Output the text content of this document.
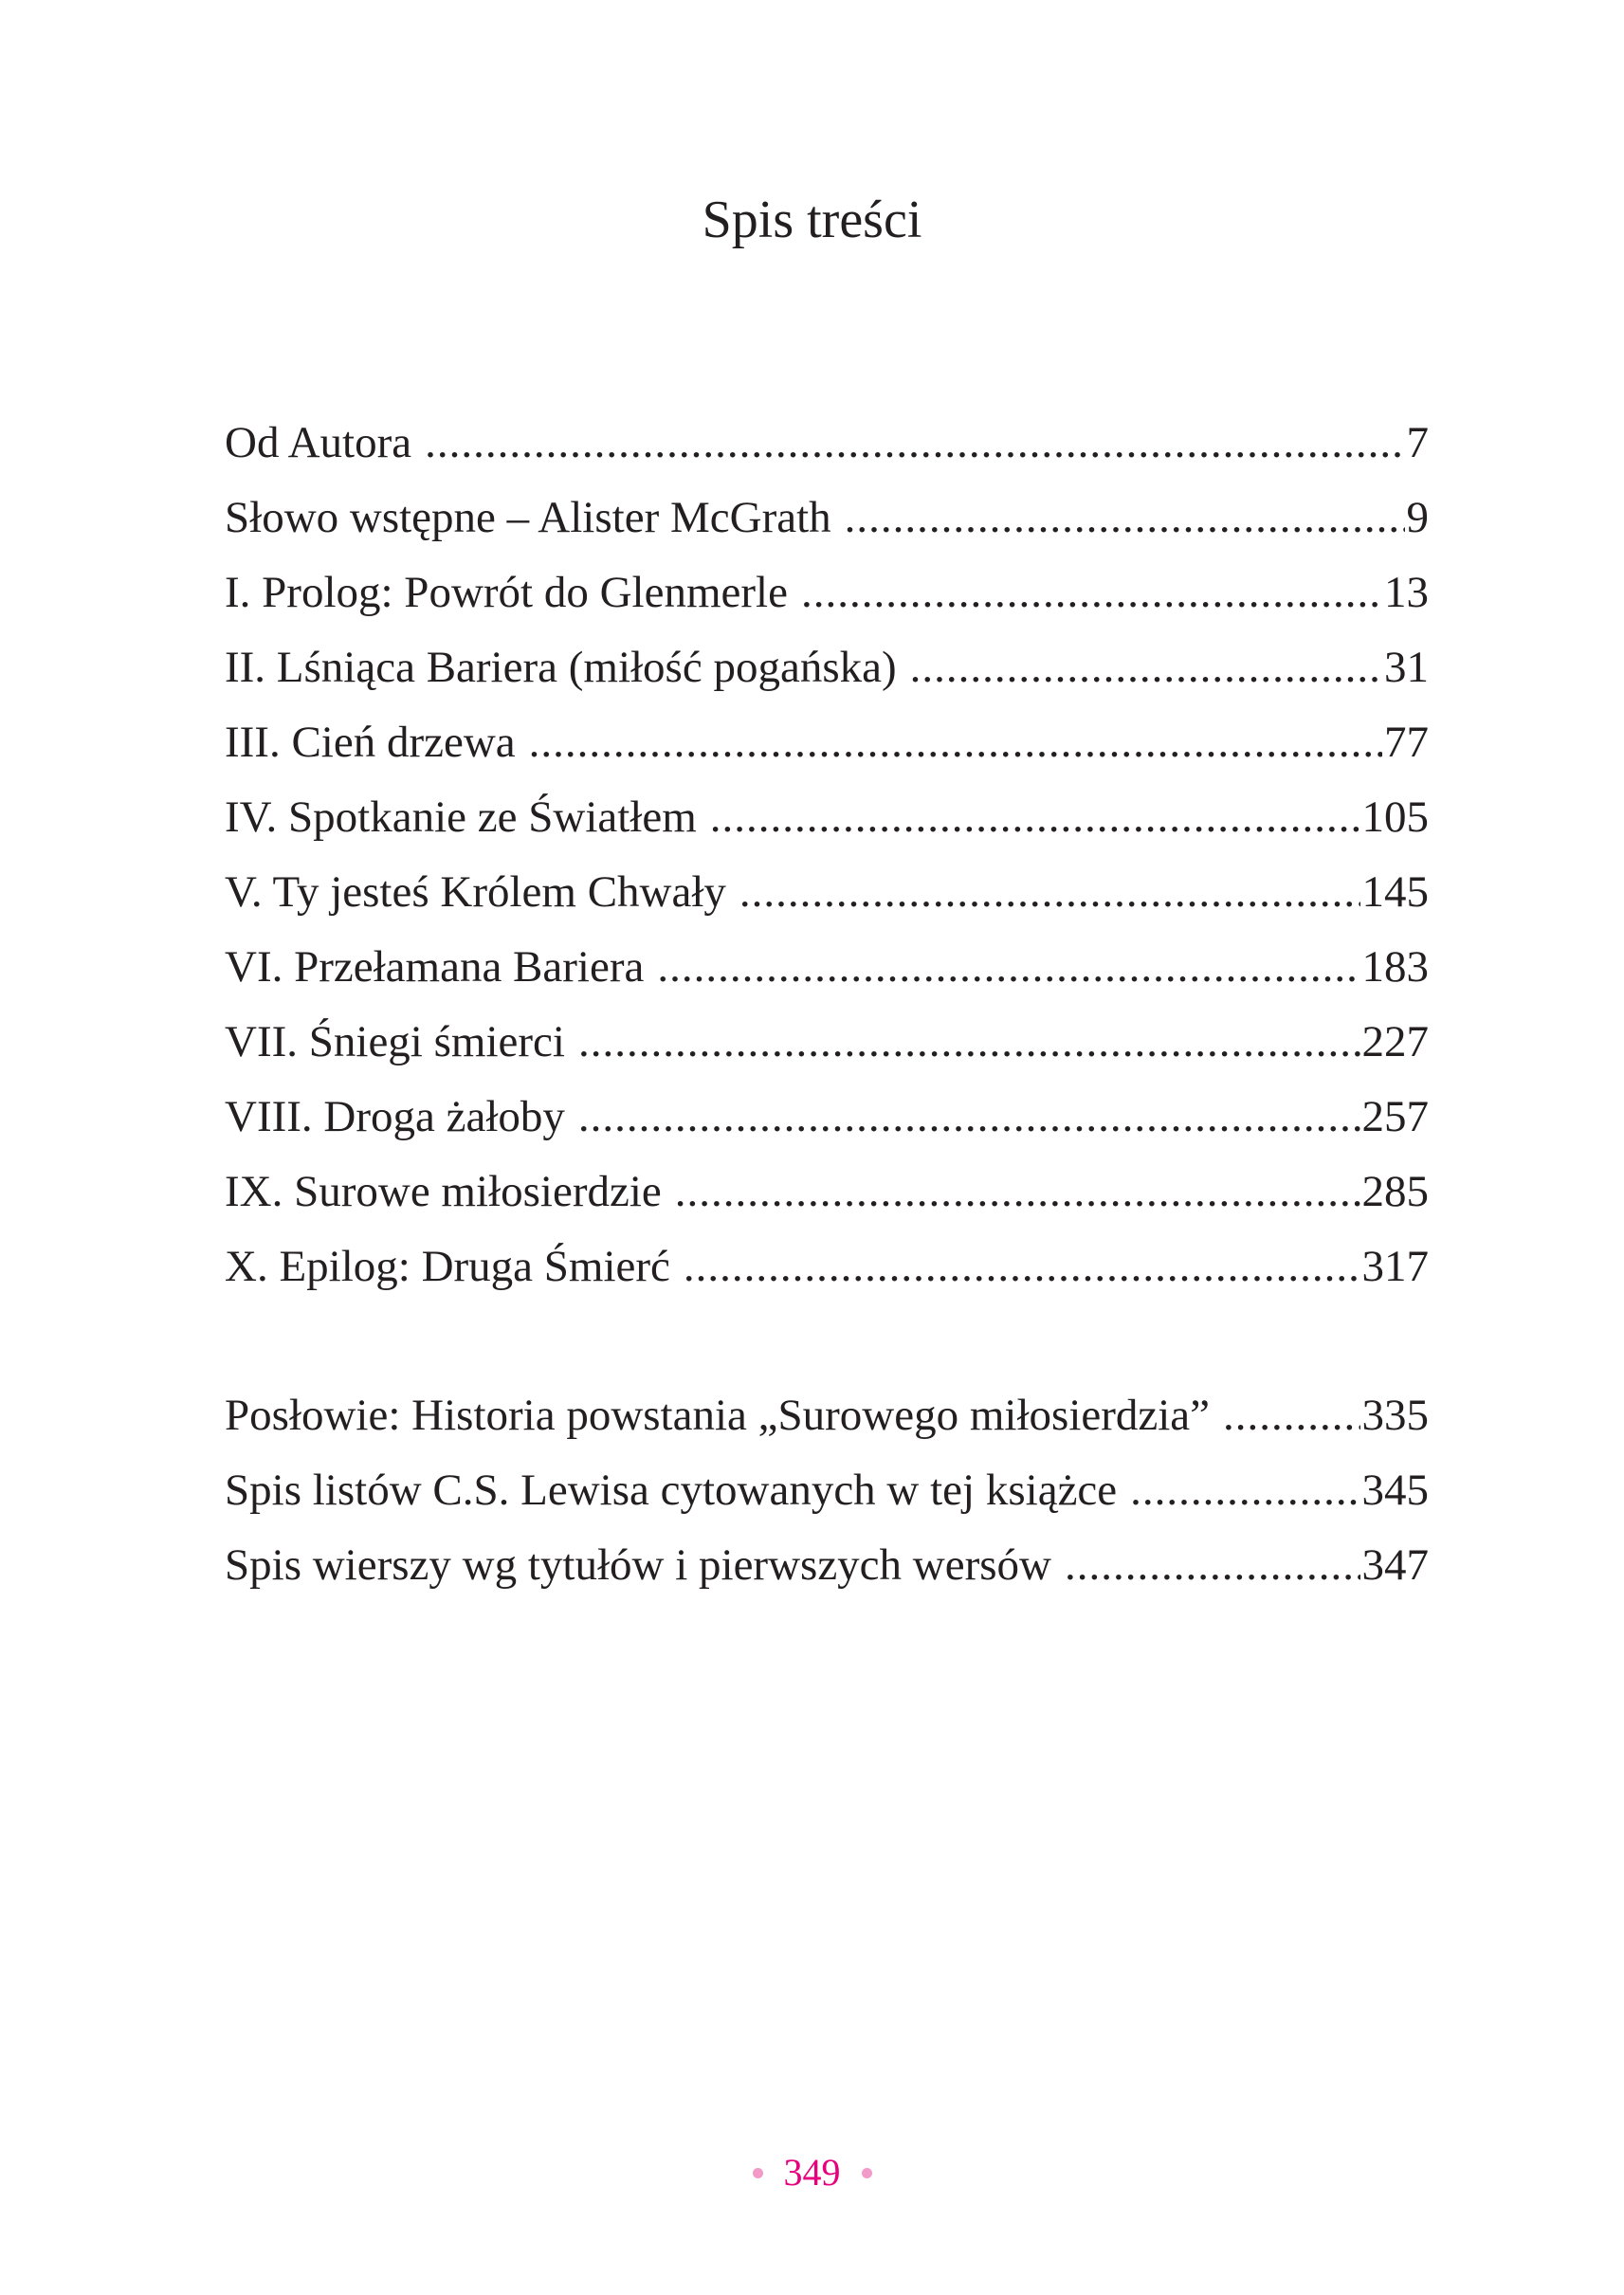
Spis treści
Od Autora .....	7
Słowo wstępne – Alister McGrath .....	9
I. Prolog: Powrót do Glenmerle .....	13
II. Lśniąca Bariera (miłość pogańska) .....	31
III. Cień drzewa .....	77
IV. Spotkanie ze Światłem .....	105
V. Ty jesteś Królem Chwały .....	145
VI. Przełamana Bariera .....	183
VII. Śniegi śmierci .....	227
VIII. Droga żałoby .....	257
IX. Surowe miłosierdzie .....	285
X. Epilog: Druga Śmierć .....	317
Posłowie: Historia powstania „Surowego miłosierdzia” .....	335
Spis listów C.S. Lewisa cytowanych w tej książce .....	345
Spis wierszy wg tytułów i pierwszych wersów .....	347
349
